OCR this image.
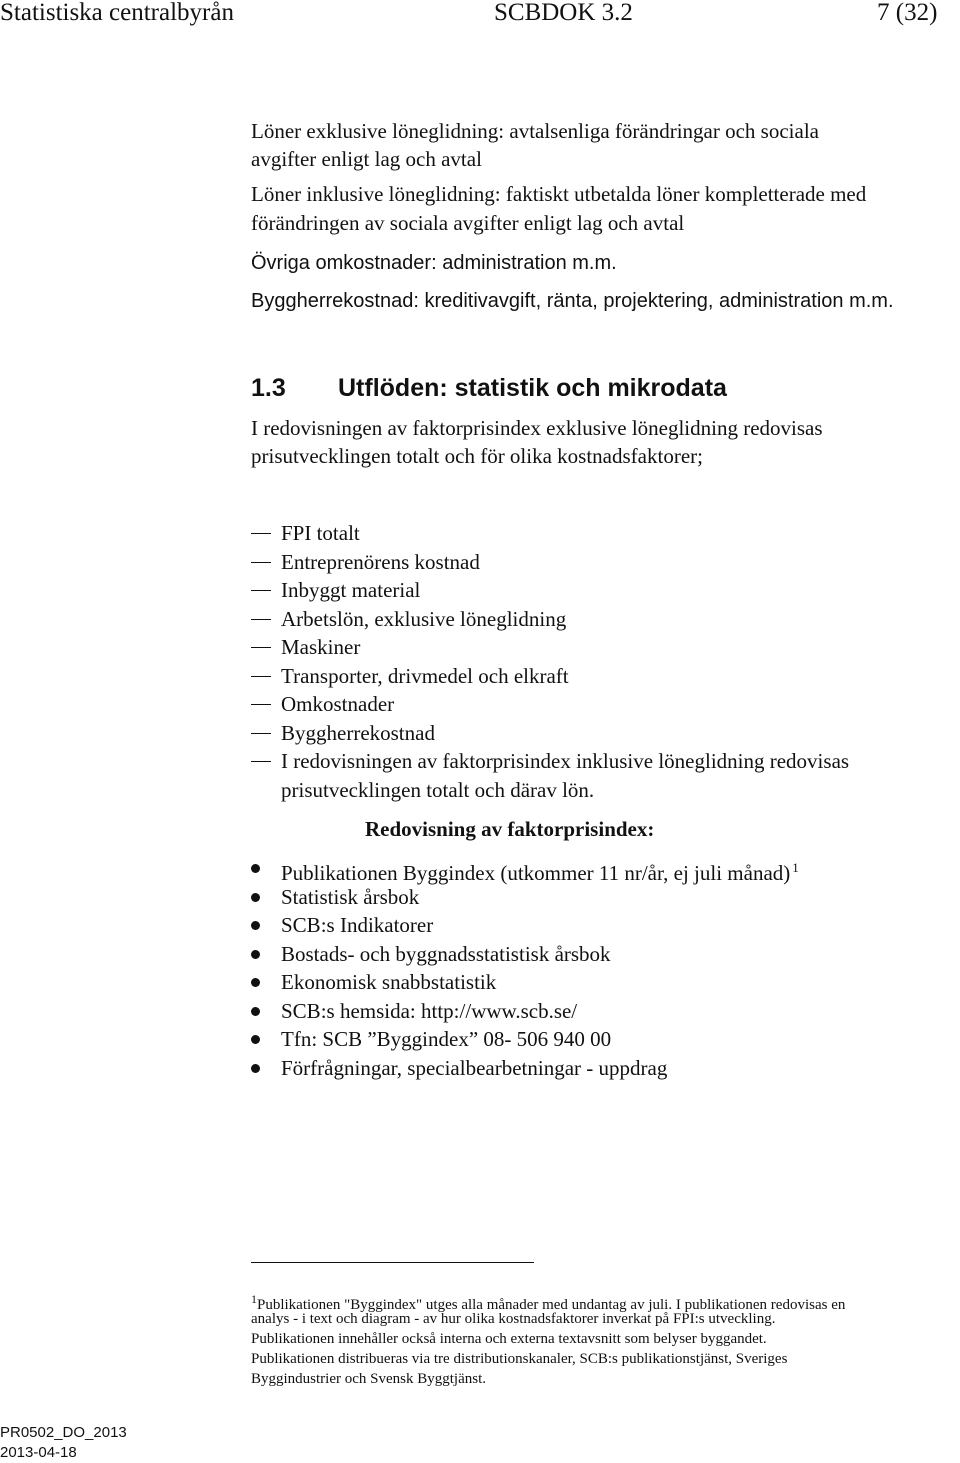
Statistiska centralbyrån	SCBDOK 3.2	7 (32)
Löner exklusive löneglidning: avtalsenliga förändringar och sociala
avgifter enligt lag och avtal
Löner inklusive löneglidning: faktiskt utbetalda löner kompletterade med
förändringen av sociala avgifter enligt lag och avtal
Övriga omkostnader: administration m.m.
Byggherrekostnad: kreditivavgift, ränta, projektering, administration m.m.
1.3 Utflöden: statistik och mikrodata
I redovisningen av faktorprisindex exklusive löneglidning redovisas
prisutvecklingen totalt och för olika kostnadsfaktorer;
FPI totalt
Entreprenörens kostnad
Inbyggt material
Arbetslön, exklusive löneglidning
Maskiner
Transporter, drivmedel och elkraft
Omkostnader
Byggherrekostnad
I redovisningen av faktorprisindex inklusive löneglidning redovisas
prisutvecklingen totalt och därav lön.
Redovisning av faktorprisindex:
Publikationen Byggindex (utkommer 11 nr/år, ej juli månad) $^1$
Statistisk årsbok
SCB:s Indikatorer
Bostads- och byggnadsstatistisk årsbok
Ekonomisk snabbstatistik
SCB:s hemsida: http://www.scb.se/
Tfn: SCB ”Byggindex” 08- 506 940 00
Förfrågningar, specialbearbetningar - uppdrag
$^1$Publikationen "Byggindex" utges alla månader med undantag av juli. I publikationen redovisas en
analys - i text och diagram - av hur olika kostnadsfaktorer inverkat på FPI:s utveckling.
Publikationen innehåller också interna och externa textavsnitt som belyser byggandet.
Publikationen distribueras via tre distributionskanaler, SCB:s publikationstjänst, Sveriges
Byggindustrier och Svensk Byggtjänst.
PR0502_DO_2013
2013-04-18
